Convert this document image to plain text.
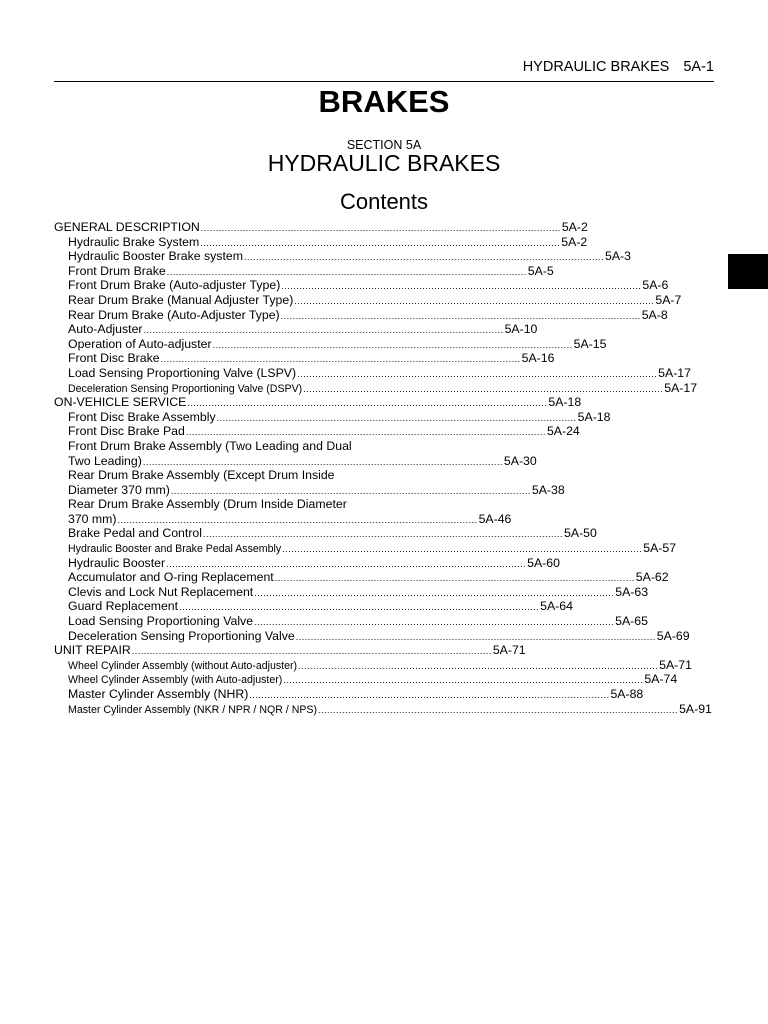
HYDRAULIC BRAKES 5A-1
BRAKES
SECTION 5A
HYDRAULIC BRAKES
Contents
GENERAL DESCRIPTION ........................................................................................................................ 5A-2
Hydraulic Brake System ........................................................................................................................ 5A-2
Hydraulic Booster Brake system ........................................................................................................................ 5A-3
Front Drum Brake ........................................................................................................................ 5A-5
Front Drum Brake (Auto-adjuster Type) ........................................................................................................................ 5A-6
Rear Drum Brake (Manual Adjuster Type) ........................................................................................................................ 5A-7
Rear Drum Brake (Auto-Adjuster Type) ........................................................................................................................ 5A-8
Auto-Adjuster ........................................................................................................................ 5A-10
Operation of Auto-adjuster ........................................................................................................................ 5A-15
Front Disc Brake ........................................................................................................................ 5A-16
Load Sensing Proportioning Valve (LSPV) ........................................................................................................................ 5A-17
Deceleration Sensing Proportioning Valve (DSPV) ........................................................................................................................ 5A-17
ON-VEHICLE SERVICE ........................................................................................................................ 5A-18
Front Disc Brake Assembly ........................................................................................................................ 5A-18
Front Disc Brake Pad ........................................................................................................................ 5A-24
Front Drum Brake Assembly (Two Leading and Dual
Two Leading) ........................................................................................................................ 5A-30
Rear Drum Brake Assembly (Except Drum Inside
Diameter 370 mm) ........................................................................................................................ 5A-38
Rear Drum Brake Assembly (Drum Inside Diameter
370 mm) ........................................................................................................................ 5A-46
Brake Pedal and Control ........................................................................................................................ 5A-50
Hydraulic Booster and Brake Pedal Assembly ........................................................................................................................ 5A-57
Hydraulic Booster ........................................................................................................................ 5A-60
Accumulator and O-ring Replacement ........................................................................................................................ 5A-62
Clevis and Lock Nut Replacement ........................................................................................................................ 5A-63
Guard Replacement ........................................................................................................................ 5A-64
Load Sensing Proportioning Valve ........................................................................................................................ 5A-65
Deceleration Sensing Proportioning Valve ........................................................................................................................ 5A-69
UNIT REPAIR ........................................................................................................................ 5A-71
Wheel Cylinder Assembly (without Auto-adjuster) ........................................................................................................................ 5A-71
Wheel Cylinder Assembly (with Auto-adjuster) ........................................................................................................................ 5A-74
Master Cylinder Assembly (NHR) ........................................................................................................................ 5A-88
Master Cylinder Assembly (NKR / NPR / NQR / NPS) ........................................................................................................................ 5A-91
